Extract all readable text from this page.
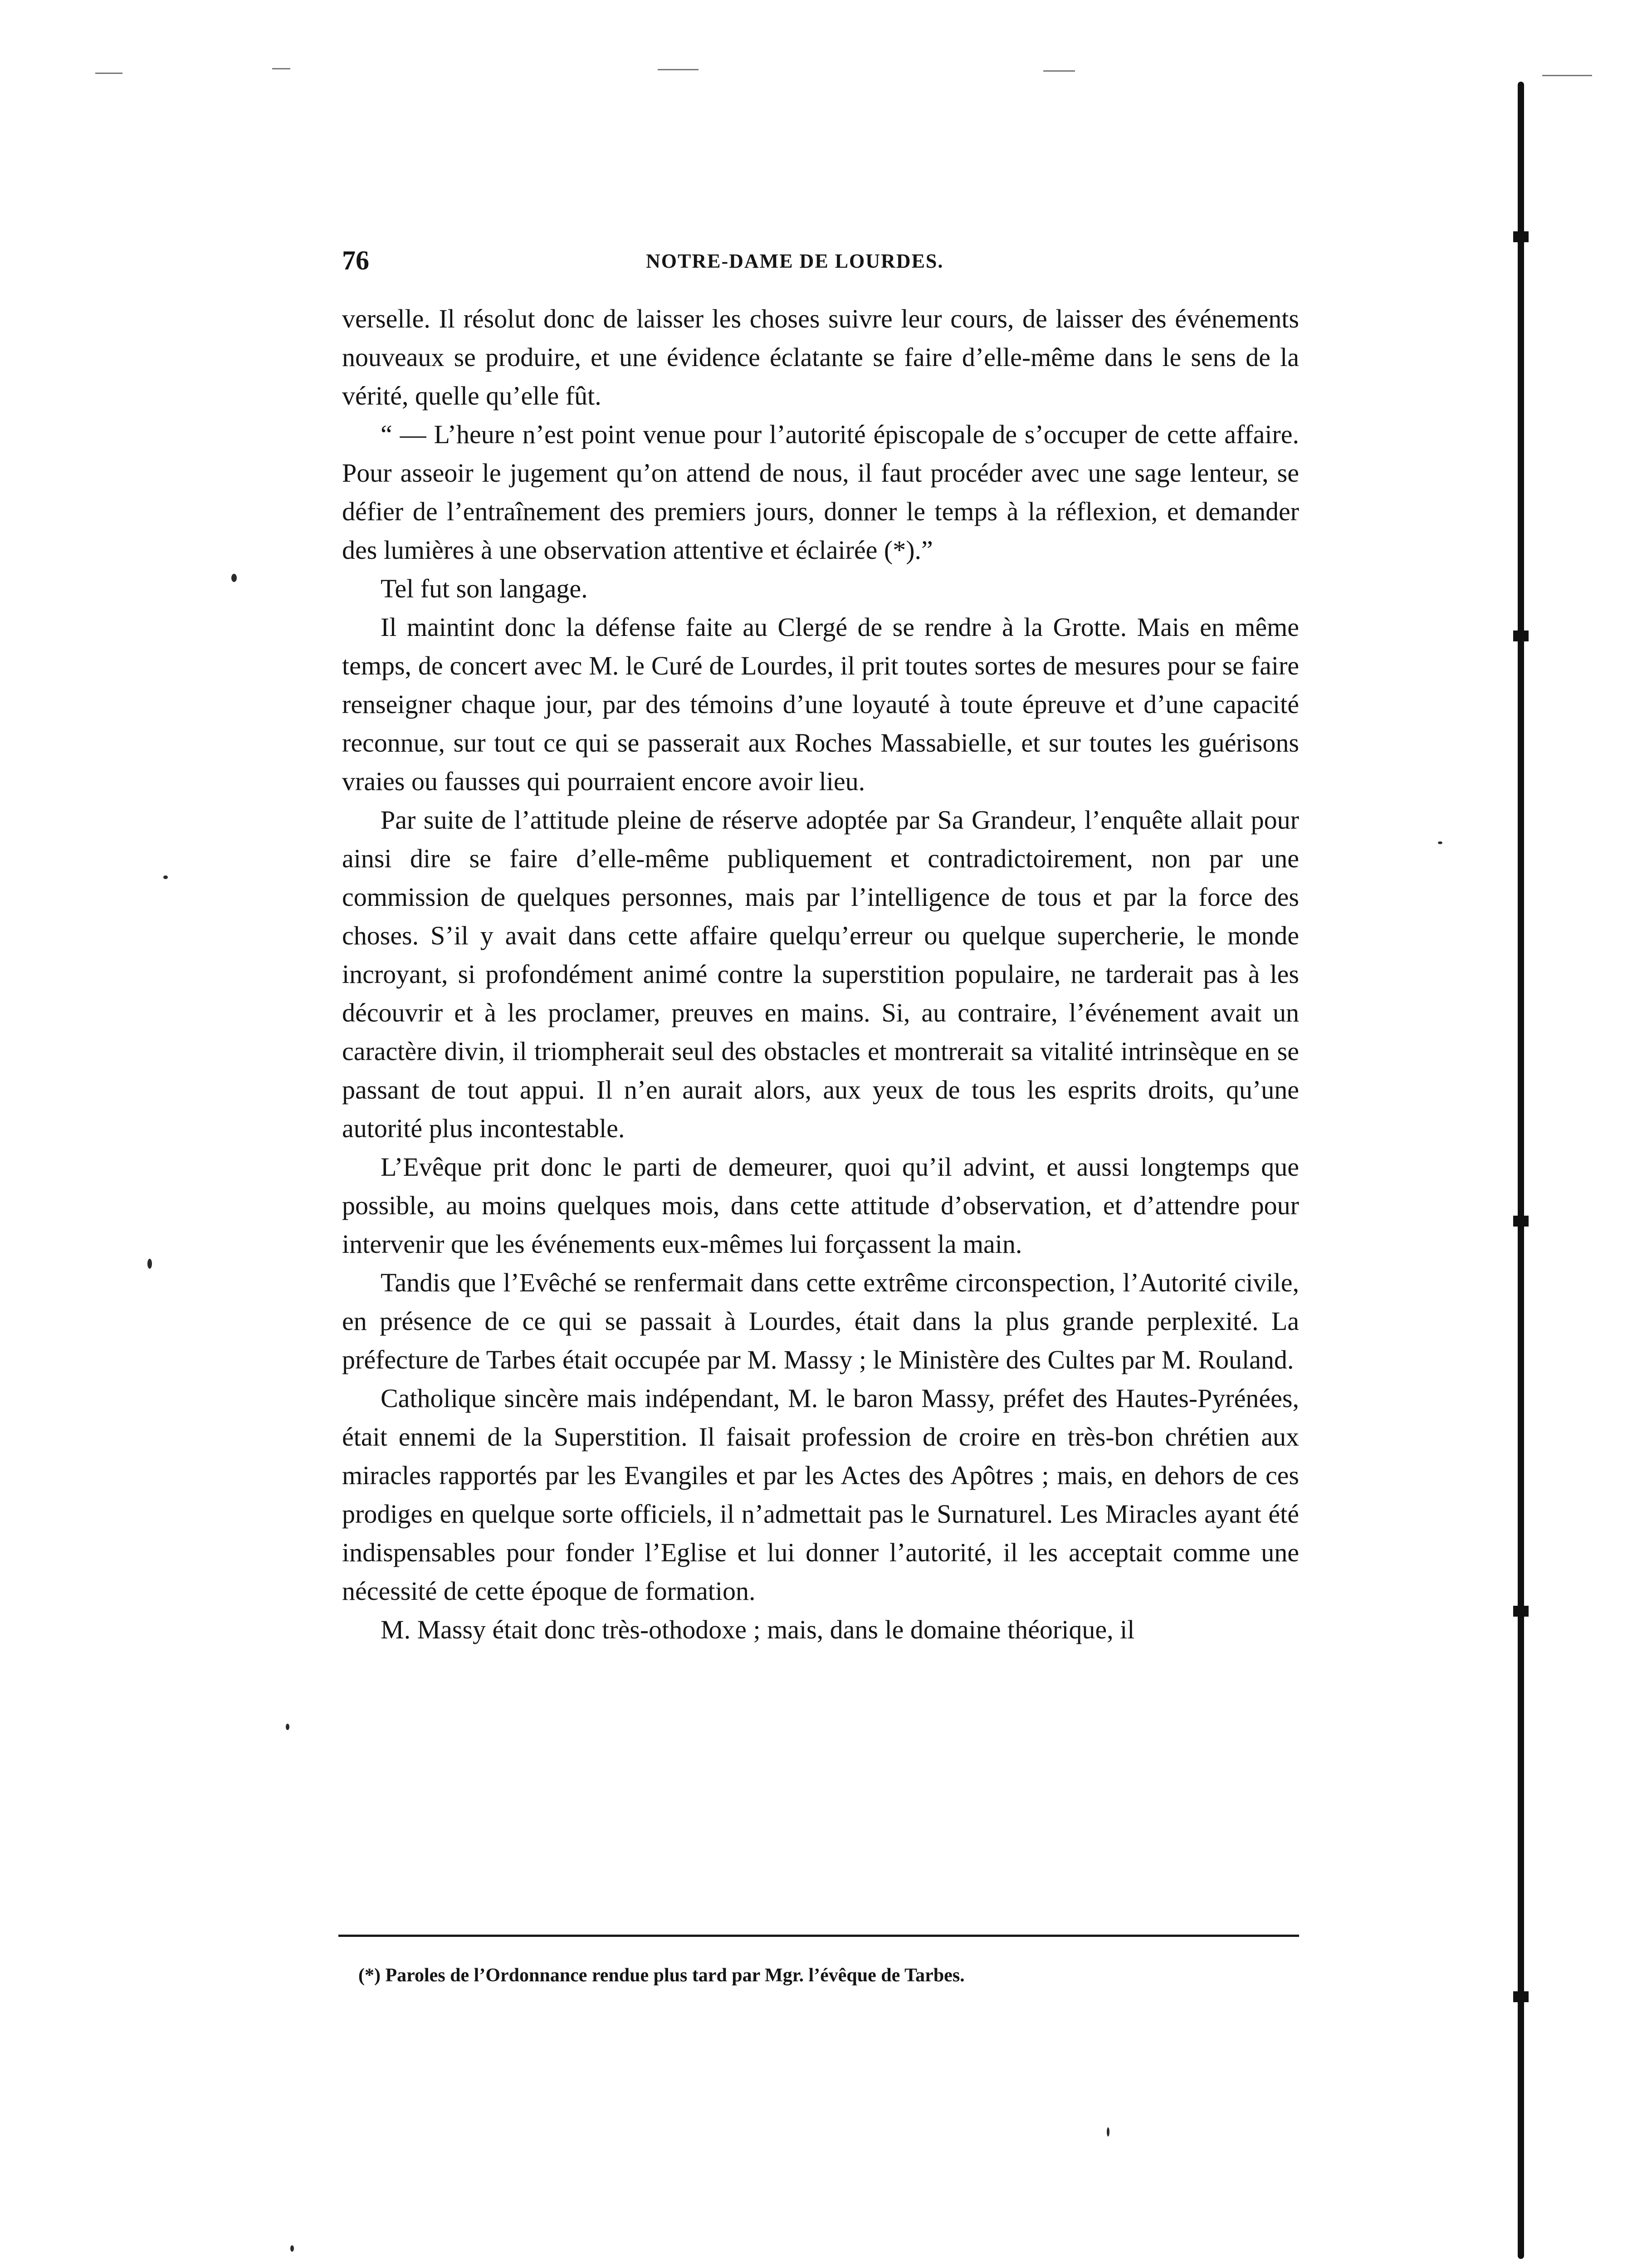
76	NOTRE-DAME DE LOURDES.

verselle. Il résolut donc de laisser les choses suivre leur cours, de laisser des événements nouveaux se produire, et une évidence éclatante se faire d’elle-même dans le sens de la vérité, quelle qu’elle fût.

“ — L’heure n’est point venue pour l’autorité épiscopale de s’occuper de cette affaire. Pour asseoir le jugement qu’on attend de nous, il faut procéder avec une sage lenteur, se défier de l’entraînement des premiers jours, donner le temps à la réflexion, et demander des lumières à une observation attentive et éclairée (*).”

Tel fut son langage.

Il maintint donc la défense faite au Clergé de se rendre à la Grotte. Mais en même temps, de concert avec M. le Curé de Lourdes, il prit toutes sortes de mesures pour se faire renseigner chaque jour, par des témoins d’une loyauté à toute épreuve et d’une capacité reconnue, sur tout ce qui se passerait aux Roches Massabielle, et sur toutes les guérisons vraies ou fausses qui pourraient encore avoir lieu.

Par suite de l’attitude pleine de réserve adoptée par Sa Grandeur, l’enquête allait pour ainsi dire se faire d’elle-même publiquement et contradictoirement, non par une commission de quelques personnes, mais par l’intelligence de tous et par la force des choses. S’il y avait dans cette affaire quelqu’erreur ou quelque supercherie, le monde incroyant, si profondément animé contre la superstition populaire, ne tarderait pas à les découvrir et à les proclamer, preuves en mains. Si, au contraire, l’événement avait un caractère divin, il triompherait seul des obstacles et montrerait sa vitalité intrinsèque en se passant de tout appui. Il n’en aurait alors, aux yeux de tous les esprits droits, qu’une autorité plus incontestable.

L’Evêque prit donc le parti de demeurer, quoi qu’il advint, et aussi longtemps que possible, au moins quelques mois, dans cette attitude d’observation, et d’attendre pour intervenir que les événements eux-mêmes lui forçassent la main.

Tandis que l’Evêché se renfermait dans cette extrême circonspection, l’Autorité civile, en présence de ce qui se passait à Lourdes, était dans la plus grande perplexité. La préfecture de Tarbes était occupée par M. Massy ; le Ministère des Cultes par M. Rouland.

Catholique sincère mais indépendant, M. le baron Massy, préfet des Hautes-Pyrénées, était ennemi de la Superstition. Il faisait profession de croire en très-bon chrétien aux miracles rapportés par les Evangiles et par les Actes des Apôtres ; mais, en dehors de ces prodiges en quelque sorte officiels, il n’admettait pas le Surnaturel. Les Miracles ayant été indispensables pour fonder l’Eglise et lui donner l’autorité, il les acceptait comme une nécessité de cette époque de formation.

M. Massy était donc très-othodoxe ; mais, dans le domaine théorique, il

(*) Paroles de l’Ordonnance rendue plus tard par Mgr. l’évêque de Tarbes.
